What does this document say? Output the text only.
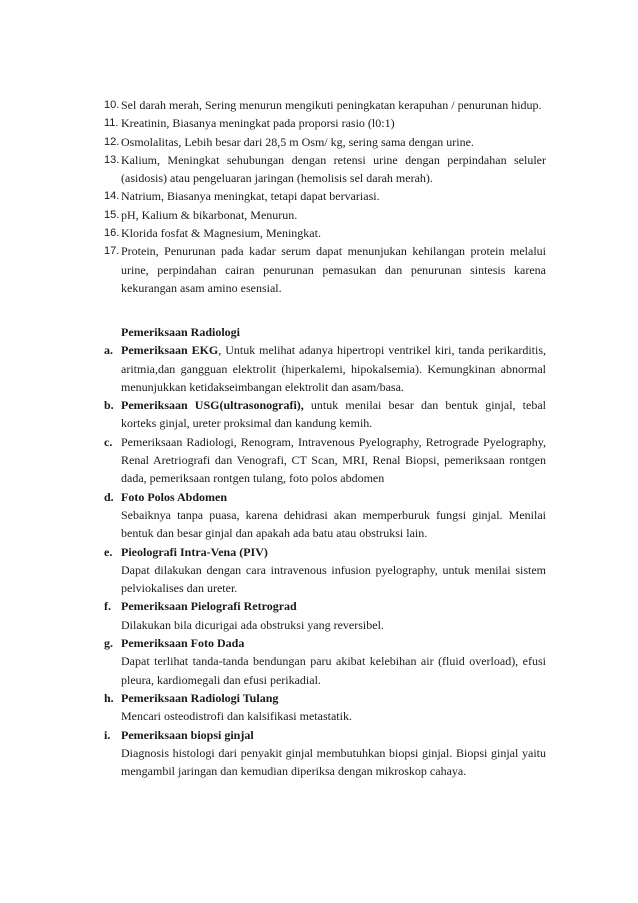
10. Sel darah merah, Sering menurun mengikuti peningkatan kerapuhan / penurunan hidup.
11. Kreatinin, Biasanya meningkat pada proporsi rasio (l0:1)
12. Osmolalitas, Lebih besar dari 28,5 m Osm/ kg, sering sama dengan urine.
13. Kalium, Meningkat sehubungan dengan retensi urine dengan perpindahan seluler (asidosis) atau pengeluaran jaringan (hemolisis sel darah merah).
14. Natrium, Biasanya meningkat, tetapi dapat bervariasi.
15. pH, Kalium & bikarbonat, Menurun.
16. Klorida fosfat & Magnesium, Meningkat.
17. Protein, Penurunan pada kadar serum dapat menunjukan kehilangan protein melalui urine, perpindahan cairan penurunan pemasukan dan penurunan sintesis karena kekurangan asam amino esensial.
Pemeriksaan Radiologi
a. Pemeriksaan EKG, Untuk melihat adanya hipertropi ventrikel kiri, tanda perikarditis, aritmia,dan gangguan elektrolit (hiperkalemi, hipokalsemia). Kemungkinan abnormal menunjukkan ketidakseimbangan elektrolit dan asam/basa.
b. Pemeriksaan USG(ultrasonografi), untuk menilai besar dan bentuk ginjal, tebal korteks ginjal, ureter proksimal dan kandung kemih.
c. Pemeriksaan Radiologi, Renogram, Intravenous Pyelography, Retrograde Pyelography, Renal Aretriografi dan Venografi, CT Scan, MRI, Renal Biopsi, pemeriksaan rontgen dada, pemeriksaan rontgen tulang, foto polos abdomen
d. Foto Polos Abdomen
Sebaiknya tanpa puasa, karena dehidrasi akan memperburuk fungsi ginjal. Menilai bentuk dan besar ginjal dan apakah ada batu atau obstruksi lain.
e. Pieolografi Intra-Vena (PIV)
Dapat dilakukan dengan cara intravenous infusion pyelography, untuk menilai sistem pelviokalises dan ureter.
f. Pemeriksaan Pielografi Retrograd
Dilakukan bila dicurigai ada obstruksi yang reversibel.
g. Pemeriksaan Foto Dada
Dapat terlihat tanda-tanda bendungan paru akibat kelebihan air (fluid overload), efusi pleura, kardiomegali dan efusi perikadial.
h. Pemeriksaan Radiologi Tulang
Mencari osteodistrofi dan kalsifikasi metastatik.
i. Pemeriksaan biopsi ginjal
Diagnosis histologi dari penyakit ginjal membutuhkan biopsi ginjal. Biopsi ginjal yaitu mengambil jaringan dan kemudian diperiksa dengan mikroskop cahaya.
